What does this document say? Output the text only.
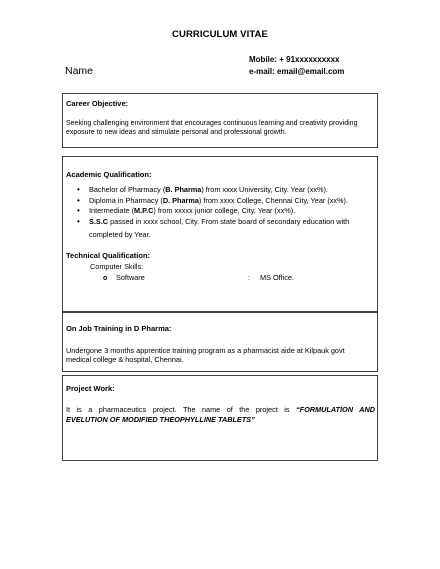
CURRICULUM VITAE
Name
Mobile: + 91xxxxxxxxxx
e-mail: email@email.com
Career Objective:
Seeking challenging environment that encourages continuous learning and creativity providing
exposure to new ideas and stimulate personal and professional growth.
Academic Qualification:
• Bachelor of Pharmacy (B. Pharma) from xxxx University, City. Year (xx%).
• Diploma in Pharmacy (D. Pharma) from xxxx College, Chennai City, Year (xx%).
• Intermediate (M.P.C) from xxxxx junior college, City. Year (xx%).
• S.S.C passed in xxxx school, City. From state board of secondary education with
completed by Year.
Technical Qualification:
Computer Skills:
o Software	: MS Office.
On Job Training in D Pharma:
Undergone 3 months apprentice training program as a pharmacist aide at Kilpauk govt
medical college & hospital, Chennai.
Project Work:
It is a pharmaceutics project. The name of the project is “FORMULATION AND
EVELUTION OF MODIFIED THEOPHYLLINE TABLETS”
